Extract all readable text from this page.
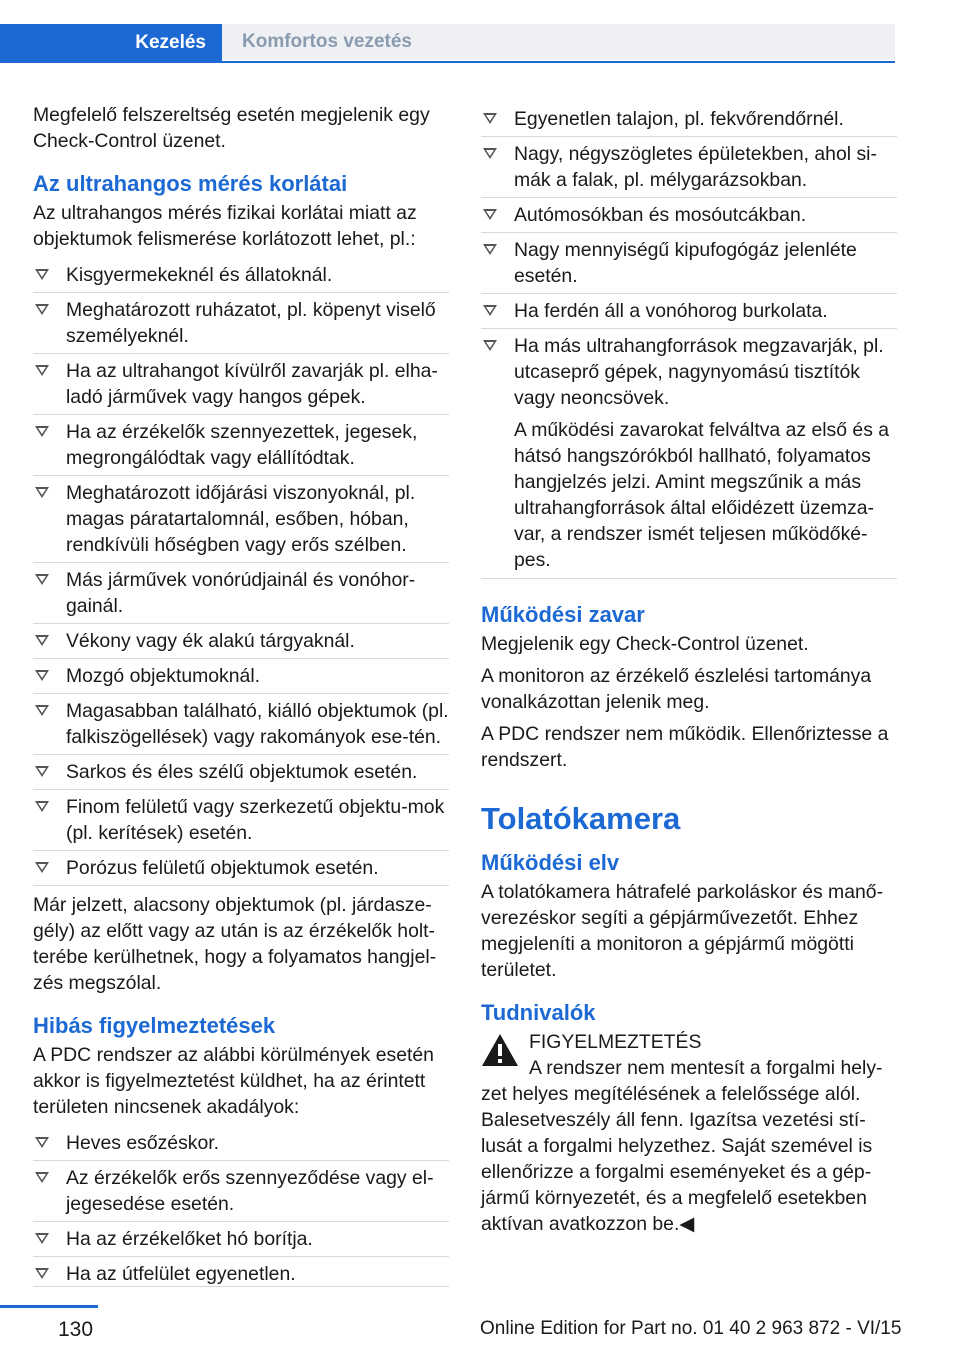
Kezelés	Komfortos vezetés

Megfelelő felszereltség esetén megjelenik egy Check-Control üzenet.

Az ultrahangos mérés korlátai

Az ultrahangos mérés fizikai korlátai miatt az objektumok felismerése korlátozott lehet, pl.:

Kisgyermekeknél és állatoknál.
Meghatározott ruházatot, pl. köpenyt viselő személyeknél.
Ha az ultrahangot kívülről zavarják pl. elha-ladó járművek vagy hangos gépek.
Ha az érzékelők szennyezettek, jegesek, megrongálódtak vagy elállítódtak.
Meghatározott időjárási viszonyoknál, pl. magas páratartalomnál, esőben, hóban, rendkívüli hőségben vagy erős szélben.
Más járművek vonórúdjainál és vonóhor-gainál.
Vékony vagy ék alakú tárgyaknál.
Mozgó objektumoknál.
Magasabban található, kiálló objektumok (pl. falkiszögellések) vagy rakományok ese-tén.
Sarkos és éles szélű objektumok esetén.
Finom felületű vagy szerkezetű objektu-mok (pl. kerítések) esetén.
Porózus felületű objektumok esetén.

Már jelzett, alacsony objektumok (pl. járdasze-gély) az előtt vagy az után is az érzékelők holt-terébe kerülhetnek, hogy a folyamatos hangjel-zés megszólal.

Hibás figyelmeztetések

A PDC rendszer az alábbi körülmények esetén akkor is figyelmeztetést küldhet, ha az érintett területen nincsenek akadályok:

Heves esőzéskor.
Az érzékelők erős szennyeződése vagy el-jegesedése esetén.
Ha az érzékelőket hó borítja.
Ha az útfelület egyenetlen.
Egyenetlen talajon, pl. fekvőrendőrnél.
Nagy, négyszögletes épületekben, ahol si-mák a falak, pl. mélygarázsokban.
Autómosókban és mosóutcákban.
Nagy mennyiségű kipufogógáz jelenléte esetén.
Ha ferdén áll a vonóhorog burkolata.
Ha más ultrahangforrások megzavarják, pl. utcaseprő gépek, nagynyomású tisztítók vagy neoncsövek.
A működési zavarokat felváltva az első és a hátsó hangszórókból hallható, folyamatos hangjelzés jelzi. Amint megszűnik a más ultrahangforrások által előidézett üzemza-var, a rendszer ismét teljesen működőké-pes.
Működési zavar

Megjelenik egy Check-Control üzenet.

A monitoron az érzékelő észlelési tartománya vonalkázottan jelenik meg.

A PDC rendszer nem működik. Ellenőriztesse a rendszert.

Tolatókamera
Működési elv

A tolatókamera hátrafelé parkoláskor és manő-verezéskor segíti a gépjárművezetőt. Ehhez megjeleníti a monitoron a gépjármű mögötti területet.

Tudnivalók
FIGYELMEZTETÉS
A rendszer nem mentesít a forgalmi hely-
zet helyes megítélésének a felelőssége alól. Balesetveszély áll fenn. Igazítsa vezetési stí-lusát a forgalmi helyzethez. Saját szemével is ellenőrizze a forgalmi eseményeket és a gép-jármű környezetét, és a megfelelő esetekben aktívan avatkozzon be.◀
130	Online Edition for Part no. 01 40 2 963 872 - VI/15
